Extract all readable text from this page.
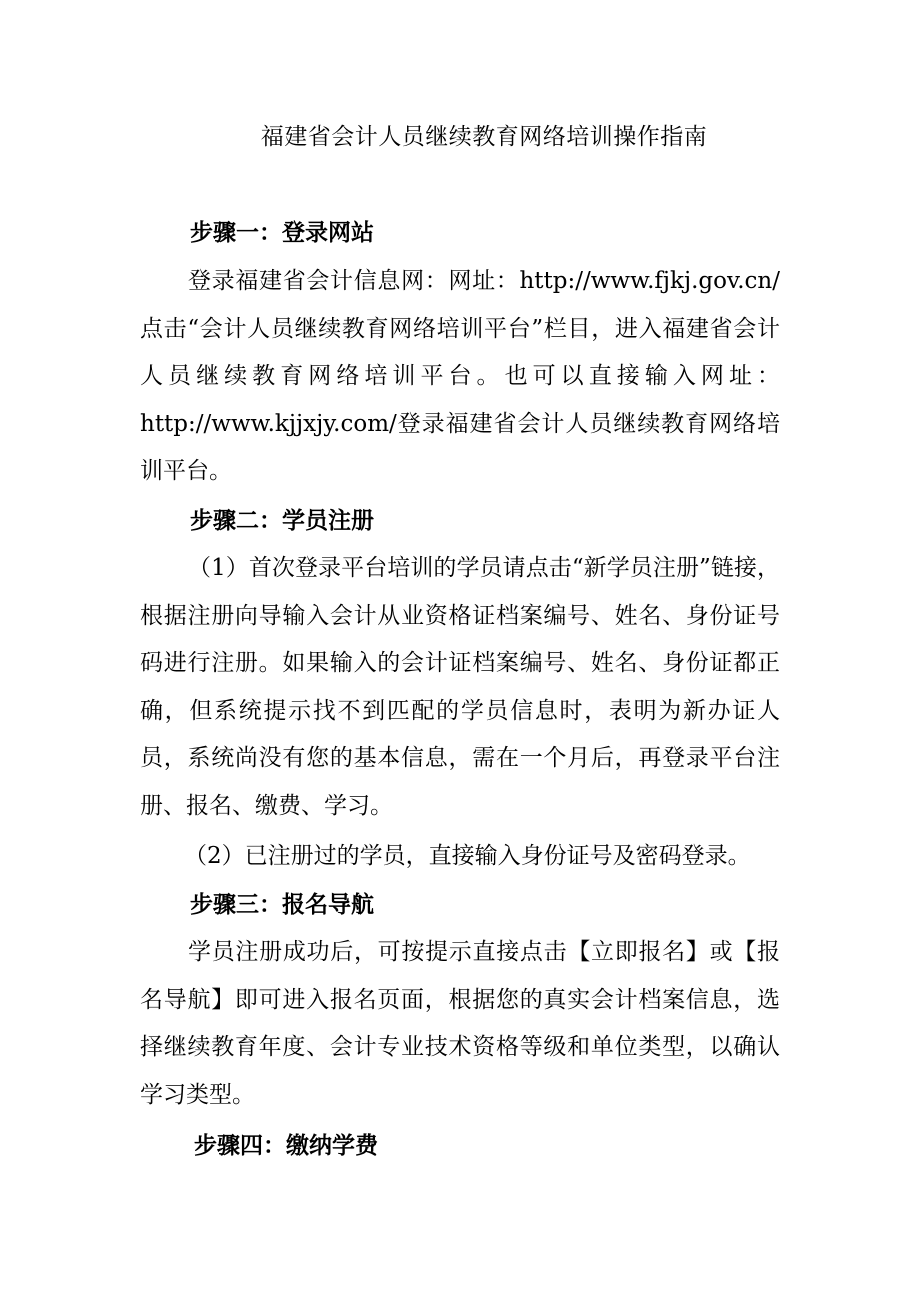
福建省会计人员继续教育网络培训操作指南
步骤一：登录网站
登录福建省会计信息网：网址：http://www.fjkj.gov.cn/点击“会计人员继续教育网络培训平台”栏目，进入福建省会计人员继续教育网络培训平台。也可以直接输入网址：http://www.kjjxjy.com/登录福建省会计人员继续教育网络培训平台。
步骤二：学员注册
（1）首次登录平台培训的学员请点击“新学员注册”链接，根据注册向导输入会计从业资格证档案编号、姓名、身份证号码进行注册。如果输入的会计证档案编号、姓名、身份证都正确，但系统提示找不到匹配的学员信息时，表明为新办证人员，系统尚没有您的基本信息，需在一个月后，再登录平台注册、报名、缴费、学习。
（2）已注册过的学员，直接输入身份证号及密码登录。
步骤三：报名导航
学员注册成功后，可按提示直接点击【立即报名】或【报名导航】即可进入报名页面，根据您的真实会计档案信息，选择继续教育年度、会计专业技术资格等级和单位类型，以确认学习类型。
步骤四：缴纳学费
